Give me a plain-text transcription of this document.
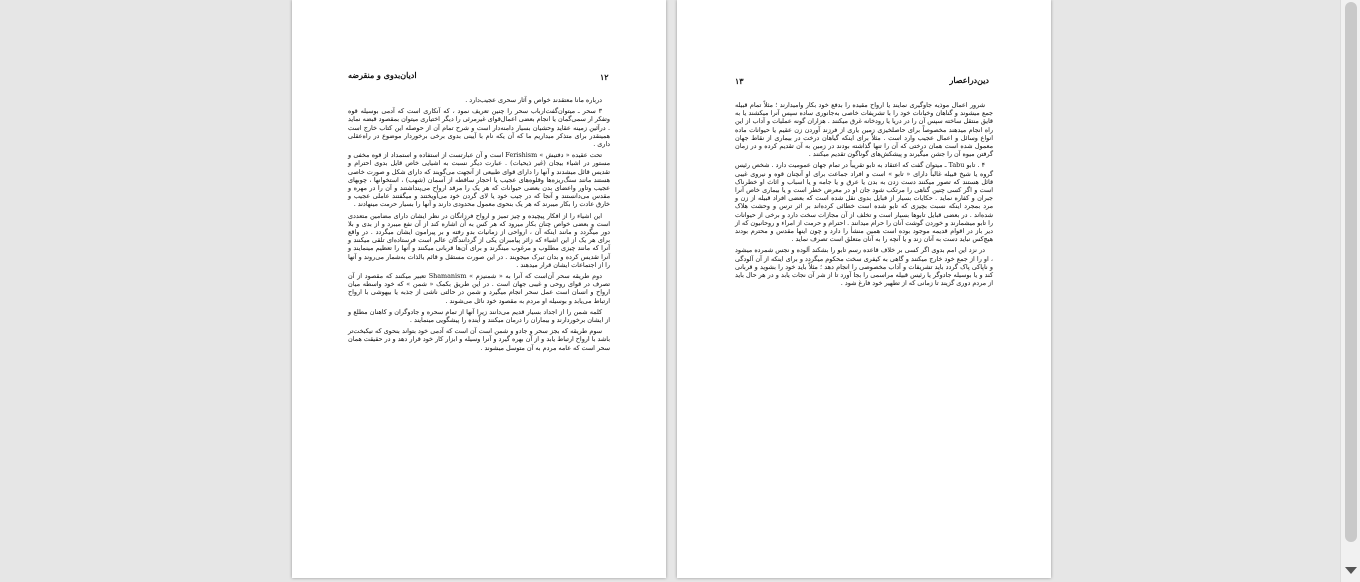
۱۲
ادیان‌بدوی و منقرضه

درباره مانا معتقدند خواص و آثار سحری عجیب‌دارد .

۳ سحر ـ میتوان‌گفت‌ارباب سحر را چنین تعریف نمود ، که آنکاری است که آدمی بوسیله قوه وتفکر ار سمی‌گمان یا انجام بعضی اعمال‌قوای غیرمرئی را دیگر اختیاری میتوان بمقصود قبضه نماید . درآئین زمینه عقاید وحشیان بسیار دامنه‌دار است و شرح تمام آن از حوصله این کتاب خارج است همینقدر برای متذکر میداریم ما که آن یکه نام با آیینی بدوی برخی برخوردار موضوع در راه‌عقلی داری .

تحت عقیده « دفتیش » Ferishism است و آن عبارتست از استفاده و استمداد از قوه مخفی و مستور در اشیاء بیجان (غیر ذیحیات) . عبارت دیگر نسبت به اشیایی خاص قایل بدوی احترام و تقدیس قائل میشدند و آنها را دارای قوای طبیعی از آنجهت می‌گویند که دارای شکل و صورت خاصی هستند مانند سنگ‌ریزه‌ها وقلوه‌های عجیب یا احجار ساقطه از آسمان (شهب) ، استخوانها ، چوبهای عجیب وتاور واعضای بدن بعضی حیوانات که هر یک را مرقد ارواح می‌پنداشتند و آن را در مهره و مقدس می‌دانستند و آنجا که در جیب خود یا لای گردن خود می‌آویختند و میگفتند عاملی عجیب و خارق عادت را بکار میبرند که هر یک بنحوی معمول محدودی دارند و آنها را بسیار حرمت مینهادند .

این اشیاء را از افکار پیچیده و چیز تمیز و ارواح فرزانگان در نظر ایشان دارای مضامین متعددی است و بعضی خواص چنان بکار میرود که هر کس به آن اشاره کند از آن نفع میبرد و از بدی و بلا دور میگردد و مانند اینکه آن ، ارواحی از زمانیات بدو رفته و بر پیرامون ایشان میگردد . در واقع برای هر یک از این اشیاء که زائر پیامبران یکی از گردانندگان عالم است فرستاده‌ای تلقی میکنند و آنرا که مانند چیزی مطلوب و مرغوب مینگرند و برای آن‌ها قربانی میکنند و آنها را تعظیم مینمایند و آنرا تقدیس کرده و بدان تبرک میجویند . در این صورت مستقل و قائم بالذات به‌شمار می‌روند و آنها را از اجتماعات ایشان قرار میدهند .

دوم طریقه سحر آن‌است که آنرا به « شمنیزم » Shamanism تعبیر میکنند که مقصود از آن تصرف در قوای روحی و غیبی جهان است . در این طریق بکمک « شمن » که خود واسطه میان ارواح و انسان است عمل سحر انجام میگیرد و شمن در حالتی ناشی از جذبه یا بیهوشی با ارواح ارتباط می‌یابد و بوسیله او مردم به مقصود خود نائل می‌شوند .

کلمه شمن را از اجداد بسیار قدیم می‌دانند زیرا آنها از تمام سحره و جادوگران و کاهنان مطلع و از ایشان برخوردارند و بیماران را درمان میکنند و آینده را پیشگویی مینمایند .

سوم طریقه که بجز سحر و جادو و شمن است آن است که آدمی خود بتواند بنحوی که نیکبخت‌تر باشد با ارواح ارتباط یابد و از آن بهره گیرد و آنرا وسیله و ابزار کار خود قرار دهد و در حقیقت همان سحر است که عامه مردم به آن متوسل میشوند .

۱۳	دین‌در‌اعصار

شرور اعمال موذیه جاوگیری نمایند یا ارواح مقیده را بدفع خود بکار وامیدارند ؛ مثلاً تمام قبیله جمع میشوند و گناهان وخیانات خود را با تشریفات خاصی به‌جانوری ساده سپس آنرا میکشند یا به قایق منتقل ساخته سپس آن را در دریا یا رودخانه غرق میکنند . هزاران گونه عملیات و آداب از این راه انجام میدهند مخصوصاً برای حاصلخیزی زمین یاری از فرزند آوردن زن عقیم یا حیوانات ماده انواع وسائل و اعمال عجیب وارد است . مثلاً برای اینکه گیاهان درخت در بیماری از نقاط جهان معمول شده است همان درختی که آن را تنها گذاشته بودند در زمین به آن تقدیم کرده و در زمان گرفتن میوه آن را جشن میگیرند و پیشکش‌های گوناگون تقدیم میکنند .

۴ . تابو Tabu ـ میتوان گفت که اعتقاد به تابو تقریباً در تمام جهان عمومیت دارد . شخص رئیس گروه یا شیخ قبیله غالباً دارای « تابو » است و افراد جماعت برای او آنچنان قوه و نیروی غیبی قائل هستند که تصور میکنند دست زدن به بدن یا عرق و یا جامه و یا اسباب و اثاث او خطرناک است و اگر کسی چنین گناهی را مرتکب شود جان او در معرض خطر است و یا بیماری خاص آنرا جبران و کفاره نماید . حکایات بسیار از قبایل بدوی نقل شده است که بعضی افراد قبیله از زن و مرد بمجرد اینکه نسبت بچیزی که تابو شده است خطائی کرده‌اند بر اثر ترس و وحشت هلاک شده‌اند . در بعضی قبایل تابو‌ها بسیار است و تخلف از آن مجازات سخت دارد و برخی از حیوانات را تابو میشمارند و خوردن گوشت آنان را حرام میدانند . احترام و حرمت از امراء و روحانیون که از دیر باز در اقوام قدیمه موجود بوده است همین منشأ را دارد و چون اینها مقدس و محترم بودند هیچ‌کس نباید دست به آنان زند و یا آنچه را به آنان متعلق است تصرف نماید .

در نزد این امم بدوی اگر کسی بر خلاف قاعده رسم تابو را بشکند آلوده و نجس شمرده میشود ، او را از جمع خود خارج میکنند و گاهی به کیفری سخت محکوم میگردد و برای اینکه از آن آلودگی و ناپاکی پاک گردد باید تشریفات و آداب مخصوصی را انجام دهد ؛ مثلاً باید خود را بشوید و قربانی کند و یا بوسیله جادوگر یا رئیس قبیله مراسمی را بجا آورد تا از شر آن نجات یابد و در هر حال باید از مردم دوری گزیند تا زمانی که از تطهیر خود فارغ شود .
